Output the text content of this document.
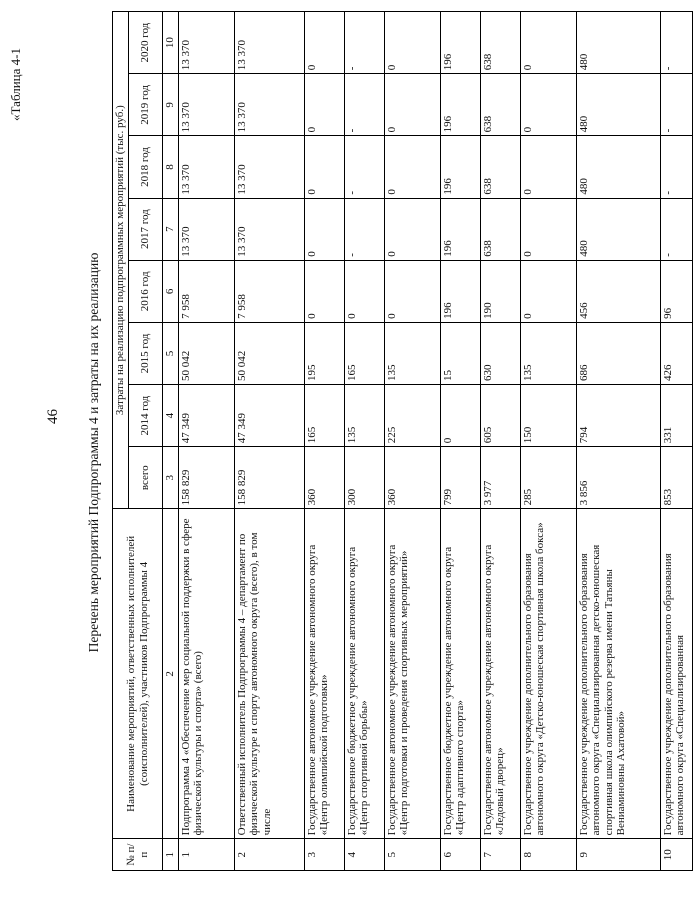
46
«Таблица 4-1
Перечень мероприятий Подпрограммы 4 и затраты на их реализацию
№ п/п	Наименование мероприятий, ответственных исполнителей (соисполнителей), участников Подпрограммы 4	Затраты на реализацию подпрограммных мероприятий (тыс. руб.)							
		всего	2014 год	2015 год	2016 год	2017 год	2018 год	2019 год	2020 год
1	2	3	4	5	6	7	8	9	10
1	Подпрограмма 4 «Обеспечение мер социальной поддержки в сфере физической культуры и спорта» (всего)	158 829	47 349	50 042	7 958	13 370	13 370	13 370	13 370
2	Ответственный исполнитель Подпрограммы 4 – департамент по физической культуре и спорту автономного округа (всего), в том числе	158 829	47 349	50 042	7 958	13 370	13 370	13 370	13 370
3	Государственное автономное учреждение автономного округа «Центр олимпийской подготовки»	360	165	195	0	0	0	0	0
4	Государственное бюджетное учреждение автономного округа «Центр спортивной борьбы»	300	135	165	0	-	-	-	-
5	Государственное автономное учреждение автономного округа «Центр подготовки и проведения спортивных мероприятий»	360	225	135	0	0	0	0	0
6	Государственное бюджетное учреждение автономного округа «Центр адаптивного спорта»	799	0	15	196	196	196	196	196
7	Государственное автономное учреждение автономного округа «Ледовый дворец»	3 977	605	630	190	638	638	638	638
8	Государственное учреждение дополнительного образования автономного округа «Детско-юношеская спортивная школа бокса»	285	150	135	0	0	0	0	0
9	Государственное учреждение дополнительного образования автономного округа «Специализированная детско-юношеская спортивная школа олимпийского резерва имени Татьяны Вениаминовны Ахатовой»	3 856	794	686	456	480	480	480	480
10	Государственное учреждение дополнительного образования автономного округа «Специализированная	853	331	426	96	-	-	-	-
